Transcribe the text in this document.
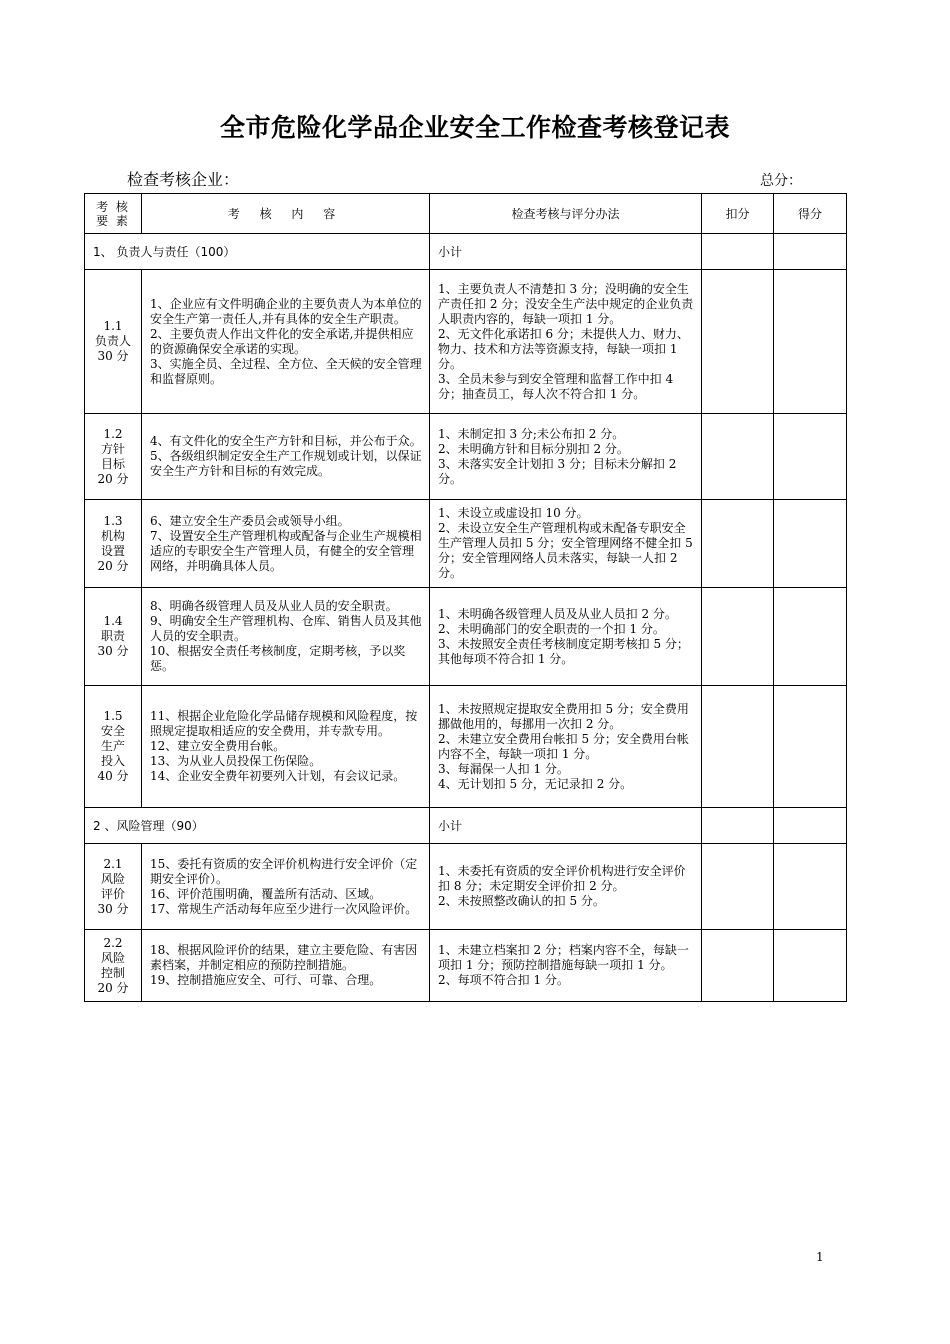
全市危险化学品企业安全工作检查考核登记表
检查考核企业：	总分：
考 核
要 素	考 核 内 容	检查考核与评分办法	扣分	得分
1、 负责人与责任（100）		小计		

1.1
负责人
30 分	1、企业应有文件明确企业的主要负责人为本单位的安全生产第一责任人,并有具体的安全生产职责。
2、主要负责人作出文件化的安全承诺,并提供相应的资源确保安全承诺的实现。
3、实施全员、全过程、全方位、全天候的安全管理和监督原则。	1、主要负责人不清楚扣 3 分；没明确的安全生产责任扣 2 分；没安全生产法中规定的企业负责人职责内容的，每缺一项扣 1 分。
2、无文件化承诺扣 6 分；未提供人力、财力、物力、技术和方法等资源支持，每缺一项扣 1 分。
3、全员未参与到安全管理和监督工作中扣 4 分；抽查员工，每人次不符合扣 1 分。		

1.2
方针
目标
20 分	4、有文件化的安全生产方针和目标，并公布于众。
5、各级组织制定安全生产工作规划或计划，以保证安全生产方针和目标的有效完成。	1、未制定扣 3 分;未公布扣 2 分。
2、未明确方针和目标分别扣 2 分。
3、未落实安全计划扣 3 分；目标未分解扣 2 分。		

1.3
机构
设置
20 分	6、建立安全生产委员会或领导小组。
7、设置安全生产管理机构或配备与企业生产规模相适应的专职安全生产管理人员，有健全的安全管理网络，并明确具体人员。	1、未设立或虚设扣 10 分。
2、未设立安全生产管理机构或未配备专职安全生产管理人员扣 5 分；安全管理网络不健全扣 5 分；安全管理网络人员未落实，每缺一人扣 2 分。		

1.4
职责
30 分	8、明确各级管理人员及从业人员的安全职责。
9、明确安全生产管理机构、仓库、销售人员及其他人员的安全职责。
10、根据安全责任考核制度，定期考核，予以奖惩。	1、未明确各级管理人员及从业人员扣 2 分。
2、未明确部门的安全职责的一个扣 1 分。
3、未按照安全责任考核制度定期考核扣 5 分；其他每项不符合扣 1 分。		

1.5
安全
生产
投入
40 分	11、根据企业危险化学品储存规模和风险程度，按照规定提取相适应的安全费用，并专款专用。
12、建立安全费用台帐。
13、为从业人员投保工伤保险。
14、企业安全费年初要列入计划，有会议记录。	1、未按照规定提取安全费用扣 5 分；安全费用挪做他用的，每挪用一次扣 2 分。
2、未建立安全费用台帐扣 5 分；安全费用台帐内容不全，每缺一项扣 1 分。
3、每漏保一人扣 1 分。
4、无计划扣 5 分，无记录扣 2 分。		
2 、风险管理（90）		小计		

2.1
风险
评价
30 分	15、委托有资质的安全评价机构进行安全评价（定期安全评价）。
16、评价范围明确，覆盖所有活动、区域。
17、常规生产活动每年应至少进行一次风险评价。	1、未委托有资质的安全评价机构进行安全评价扣 8 分；未定期安全评价扣 2 分。
2、未按照整改确认的扣 5 分。		

2.2
风险
控制
20 分	18、根据风险评价的结果，建立主要危险、有害因素档案，并制定相应的预防控制措施。
19、控制措施应安全、可行、可靠、合理。	1、未建立档案扣 2 分；档案内容不全，每缺一项扣 1 分；预防控制措施每缺一项扣 1 分。
2、每项不符合扣 1 分。		
1
